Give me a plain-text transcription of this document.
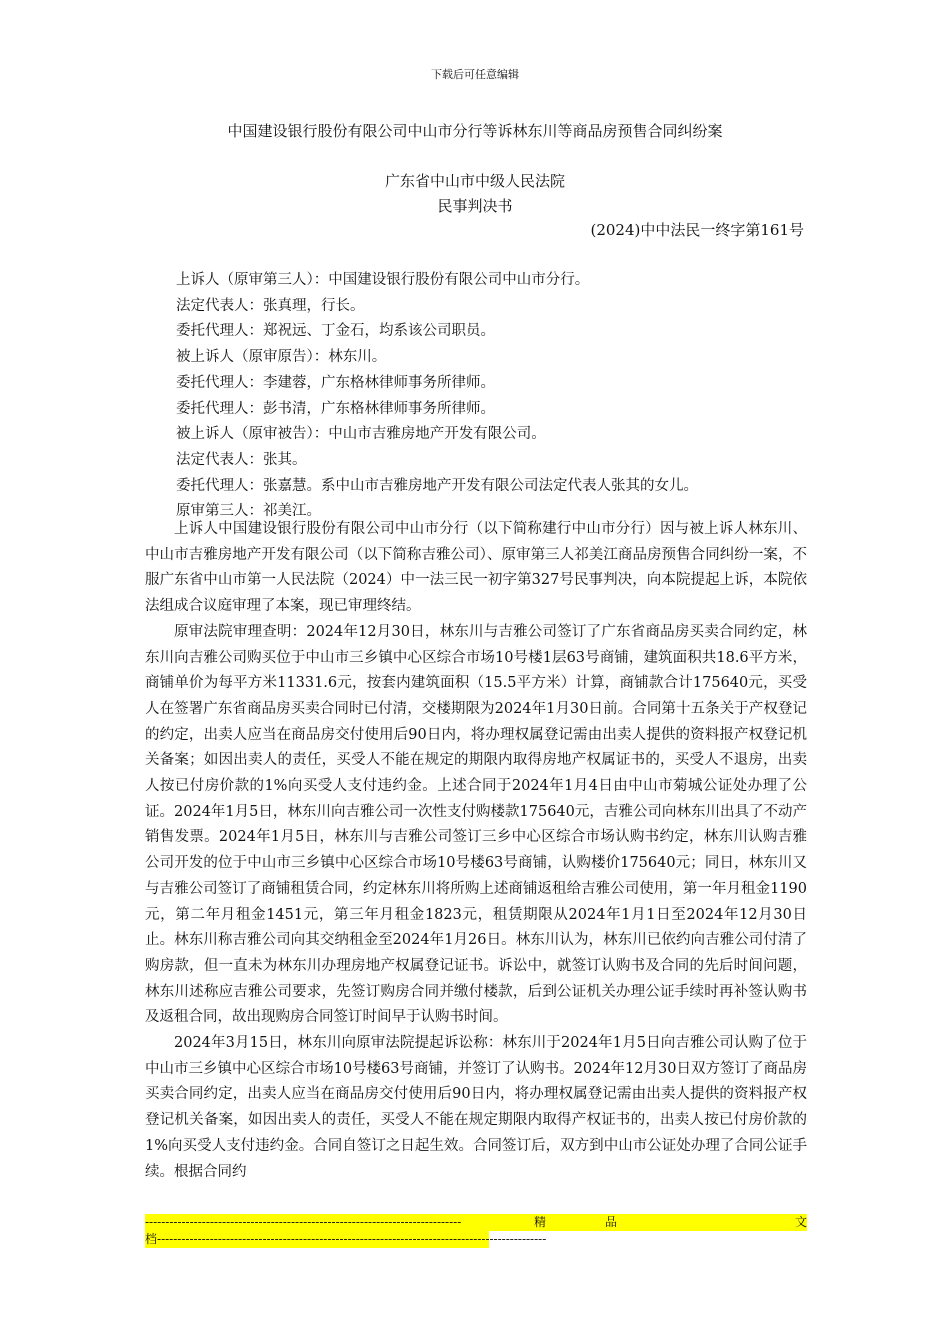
下载后可任意编辑
中国建设银行股份有限公司中山市分行等诉林东川等商品房预售合同纠纷案
广东省中山市中级人民法院
民事判决书
(2024)中中法民一终字第161号
上诉人（原审第三人）：中国建设银行股份有限公司中山市分行。
法定代表人：张真理，行长。
委托代理人：郑祝远、丁金石，均系该公司职员。
被上诉人（原审原告）：林东川。
委托代理人：李建蓉，广东格林律师事务所律师。
委托代理人：彭书清，广东格林律师事务所律师。
被上诉人（原审被告）：中山市吉雅房地产开发有限公司。
法定代表人：张其。
委托代理人：张嘉慧。系中山市吉雅房地产开发有限公司法定代表人张其的女儿。
原审第三人：祁美江。

上诉人中国建设银行股份有限公司中山市分行（以下简称建行中山市分行）因与被上诉人林东川、中山市吉雅房地产开发有限公司（以下简称吉雅公司）、原审第三人祁美江商品房预售合同纠纷一案，不服广东省中山市第一人民法院（2024）中一法三民一初字第327号民事判决，向本院提起上诉，本院依法组成合议庭审理了本案，现已审理终结。

原审法院审理查明：2024年12月30日，林东川与吉雅公司签订了广东省商品房买卖合同约定，林东川向吉雅公司购买位于中山市三乡镇中心区综合市场10号楼1层63号商铺，建筑面积共18.6平方米，商铺单价为每平方米11331.6元，按套内建筑面积（15.5平方米）计算，商铺款合计175640元，买受人在签署广东省商品房买卖合同时已付清，交楼期限为2024年1月30日前。合同第十五条关于产权登记的约定，出卖人应当在商品房交付使用后90日内，将办理权属登记需由出卖人提供的资料报产权登记机关备案；如因出卖人的责任，买受人不能在规定的期限内取得房地产权属证书的，买受人不退房，出卖人按已付房价款的1%向买受人支付违约金。上述合同于2024年1月4日由中山市菊城公证处办理了公证。2024年1月5日，林东川向吉雅公司一次性支付购楼款175640元，吉雅公司向林东川出具了不动产销售发票。2024年1月5日，林东川与吉雅公司签订三乡中心区综合市场认购书约定，林东川认购吉雅公司开发的位于中山市三乡镇中心区综合市场10号楼63号商铺，认购楼价175640元；同日，林东川又与吉雅公司签订了商铺租赁合同，约定林东川将所购上述商铺返租给吉雅公司使用，第一年月租金1190元，第二年月租金1451元，第三年月租金1823元，租赁期限从2024年1月1日至2024年12月30日止。林东川称吉雅公司向其交纳租金至2024年1月26日。林东川认为，林东川已依约向吉雅公司付清了购房款，但一直未为林东川办理房地产权属登记证书。诉讼中，就签订认购书及合同的先后时间问题，林东川述称应吉雅公司要求，先签订购房合同并缴付楼款，后到公证机关办理公证手续时再补签认购书及返租合同，故出现购房合同签订时间早于认购书时间。

2024年3月15日，林东川向原审法院提起诉讼称：林东川于2024年1月5日向吉雅公司认购了位于中山市三乡镇中心区综合市场10号楼63号商铺，并签订了认购书。2024年12月30日双方签订了商品房买卖合同约定，出卖人应当在商品房交付使用后90日内，将办理权属登记需由出卖人提供的资料报产权登记机关备案，如因出卖人的责任，买受人不能在规定期限内取得产权证书的，出卖人按已付房价款的1%向买受人支付违约金。合同自签订之日起生效。合同签订后，双方到中山市公证处办理了合同公证手续。根据合同约

------------------------------------------------------------------------------	精	品	文
档------------------------------------------------------------------------------------------------
